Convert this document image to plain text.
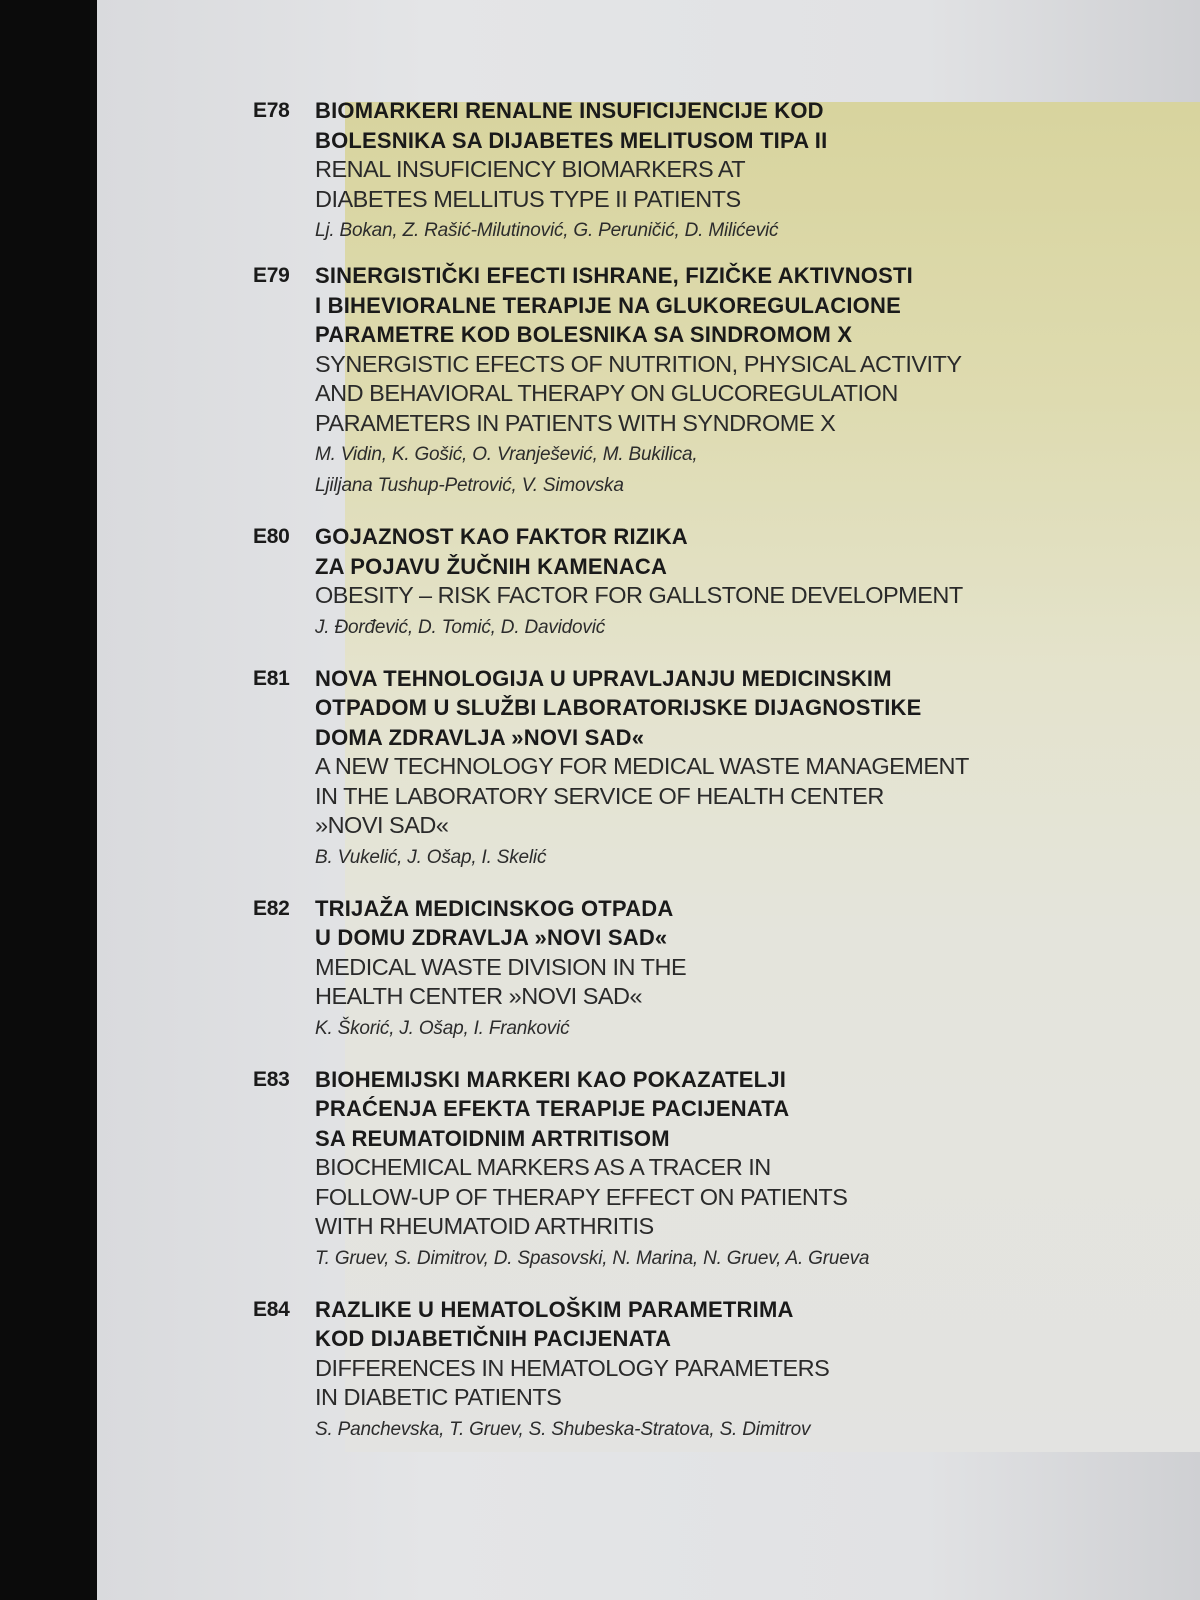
E78	BIOMARKERI RENALNE INSUFICIJENCIJE KOD
BOLESNIKA SA DIJABETES MELITUSOM TIPA II
RENAL INSUFICIENCY BIOMARKERS AT
DIABETES MELLITUS TYPE II PATIENTS
Lj. Bokan, Z. Rašić-Milutinović, G. Peruničić, D. Milićević
E79	SINERGISTIČKI EFECTI ISHRANE, FIZIČKE AKTIVNOSTI
I BIHEVIORALNE TERAPIJE NA GLUKOREGULACIONE
PARAMETRE KOD BOLESNIKA SA SINDROMOM X
SYNERGISTIC EFECTS OF NUTRITION, PHYSICAL ACTIVITY
AND BEHAVIORAL THERAPY ON GLUCOREGULATION
PARAMETERS IN PATIENTS WITH SYNDROME X
M. Vidin, K. Gošić, O. Vranješević, M. Bukilica,
Ljiljana Tushup-Petrović, V. Simovska
E80	GOJAZNOST KAO FAKTOR RIZIKA
ZA POJAVU ŽUČNIH KAMENACA
OBESITY – RISK FACTOR FOR GALLSTONE DEVELOPMENT
J. Đorđević, D. Tomić, D. Davidović
E81	NOVA TEHNOLOGIJA U UPRAVLJANJU MEDICINSKIM
OTPADOM U SLUŽBI LABORATORIJSKE DIJAGNOSTIKE
DOMA ZDRAVLJA »NOVI SAD«
A NEW TECHNOLOGY FOR MEDICAL WASTE MANAGEMENT
IN THE LABORATORY SERVICE OF HEALTH CENTER
»NOVI SAD«
B. Vukelić, J. Ošap, I. Skelić
E82	TRIJAŽA MEDICINSKOG OTPADA
U DOMU ZDRAVLJA »NOVI SAD«
MEDICAL WASTE DIVISION IN THE
HEALTH CENTER »NOVI SAD«
K. Škorić, J. Ošap, I. Franković
E83	BIOHEMIJSKI MARKERI KAO POKAZATELJI
PRAĆENJA EFEKTA TERAPIJE PACIJENATA
SA REUMATOIDNIM ARTRITISOM
BIOCHEMICAL MARKERS AS A TRACER IN
FOLLOW-UP OF THERAPY EFFECT ON PATIENTS
WITH RHEUMATOID ARTHRITIS
T. Gruev, S. Dimitrov, D. Spasovski, N. Marina, N. Gruev, A. Grueva
E84	RAZLIKE U HEMATOLOŠKIM PARAMETRIMA
KOD DIJABETIČNIH PACIJENATA
DIFFERENCES IN HEMATOLOGY PARAMETERS
IN DIABETIC PATIENTS
S. Panchevska, T. Gruev, S. Shubeska-Stratova, S. Dimitrov
